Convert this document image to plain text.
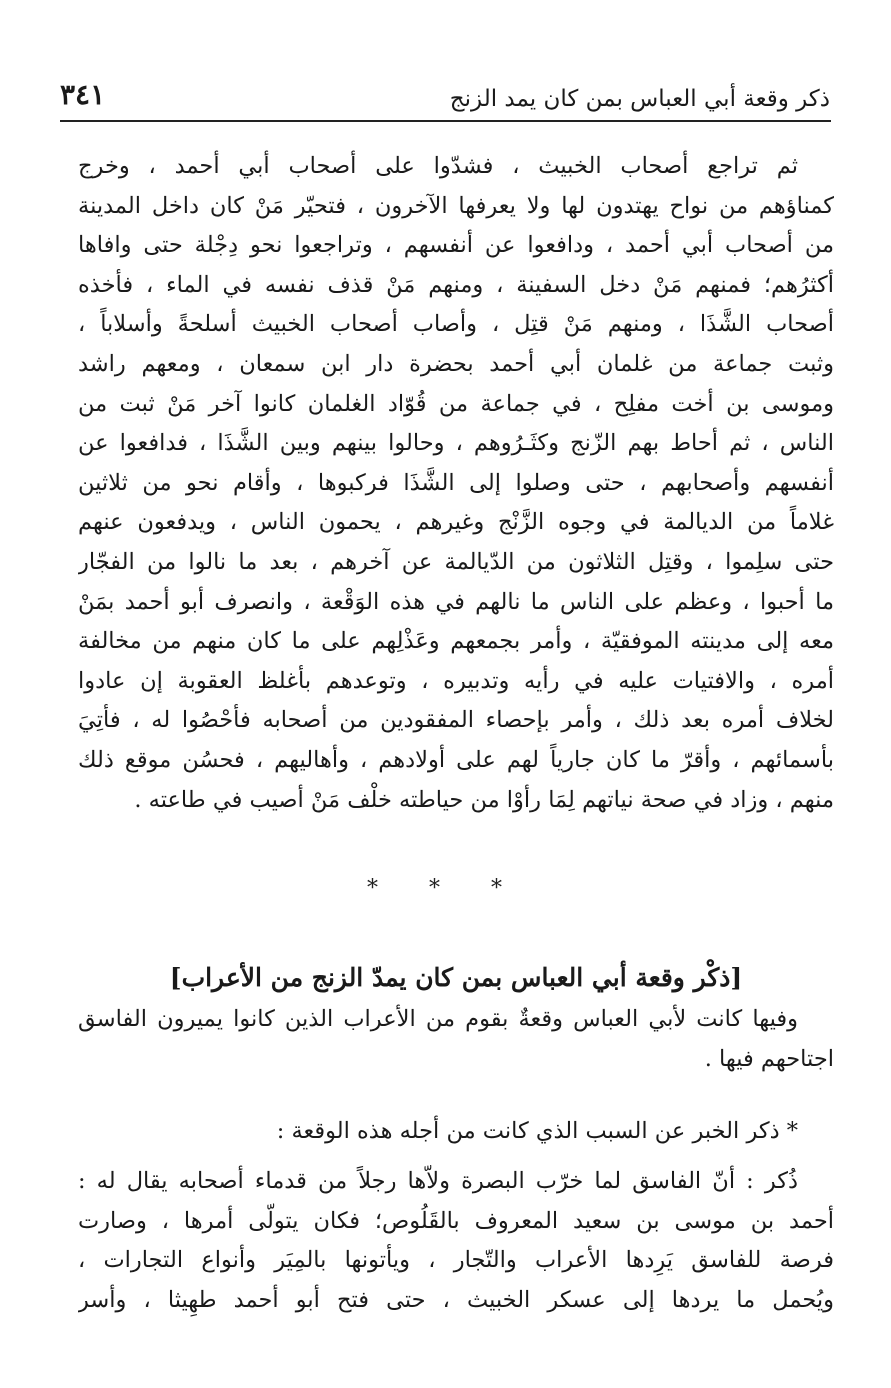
ذكر وقعة أبي العباس بمن كان يمد الزنج
٣٤١
ثم تراجع أصحاب الخبيث ، فشدّوا على أصحاب أبي أحمد ، وخرج
كمناؤهم من نواح يهتدون لها ولا يعرفها الآخرون ، فتحيّر مَنْ كان داخل المدينة
من أصحاب أبي أحمد ، ودافعوا عن أنفسهم ، وتراجعوا نحو دِجْلة حتى وافاها
أكثرُهم؛ فمنهم مَنْ دخل السفينة ، ومنهم مَنْ قذف نفسه في الماء ، فأخذه
أصحاب الشَّذَا ، ومنهم مَنْ قتِل ، وأصاب أصحاب الخبيث أسلحةً وأسلاباً ،
وثبت جماعة من غلمان أبي أحمد بحضرة دار ابن سمعان ، ومعهم راشد
وموسى بن أخت مفلِح ، في جماعة من قُوّاد الغلمان كانوا آخر مَنْ ثبت من
الناس ، ثم أحاط بهم الزّنج وكثَـرُوهم ، وحالوا بينهم وبين الشَّذَا ، فدافعوا عن
أنفسهم وأصحابهم ، حتى وصلوا إلى الشَّذَا فركبوها ، وأقام نحو من ثلاثين
غلاماً من الديالمة في وجوه الزَّنْج وغيرهم ، يحمون الناس ، ويدفعون عنهم
حتى سلِموا ، وقتِل الثلاثون من الدّيالمة عن آخرهم ، بعد ما نالوا من الفجّار
ما أحبوا ، وعظم على الناس ما نالهم في هذه الوَقْعة ، وانصرف أبو أحمد بمَنْ
معه إلى مدينته الموفقيّة ، وأمر بجمعهم وعَذْلِهم على ما كان منهم من مخالفة
أمره ، والافتيات عليه في رأيه وتدبيره ، وتوعدهم بأغلظ العقوبة إن عادوا
لخلاف أمره بعد ذلك ، وأمر بإحصاء المفقودين من أصحابه فأحْصُوا له ، فأتِيَ
بأسمائهم ، وأقرّ ما كان جارياً لهم على أولادهم ، وأهاليهم ، فحسُن موقع ذلك
منهم ، وزاد في صحة نياتهم لِمَا رأوْا من حياطته خلْف مَنْ أصيب في طاعته .
* * *
[ذكْر وقعة أبي العباس بمن كان يمدّ الزنج من الأعراب]
وفيها كانت لأبي العباس وقعةٌ بقوم من الأعراب الذين كانوا يميرون الفاسق
اجتاحهم فيها .
* ذكر الخبر عن السبب الذي كانت من أجله هذه الوقعة :
ذُكر : أنّ الفاسق لما خرّب البصرة ولاّها رجلاً من قدماء أصحابه يقال له :
أحمد بن موسى بن سعيد المعروف بالقَلُوص؛ فكان يتولّى أمرها ، وصارت
فرصة للفاسق يَرِدها الأعراب والتّجار ، ويأتونها بالمِيَر وأنواع التجارات ،
ويُحمل ما يردها إلى عسكر الخبيث ، حتى فتح أبو أحمد طهِيثا ، وأسر
